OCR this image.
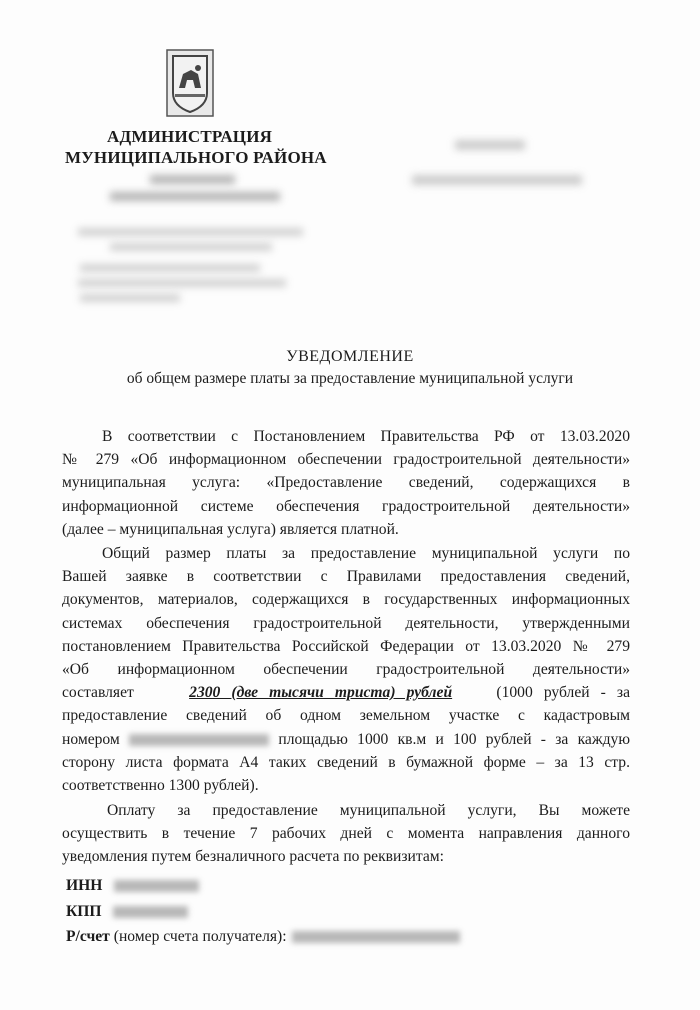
АДМИНИСТРАЦИЯ
МУНИЦИПАЛЬНОГО РАЙОНА
УВЕДОМЛЕНИЕ
об общем размере платы за предоставление муниципальной услуги
В соответствии с Постановлением Правительства РФ от 13.03.2020
№ 279 «Об информационном обеспечении градостроительной деятельности»
муниципальная услуга: «Предоставление сведений, содержащихся в
информационной системе обеспечения градостроительной деятельности»
(далее – муниципальная услуга) является платной.
Общий размер платы за предоставление муниципальной услуги по
Вашей заявке в соответствии с Правилами предоставления сведений,
документов, материалов, содержащихся в государственных информационных
системах обеспечения градостроительной деятельности, утвержденными
постановлением Правительства Российской Федерации от 13.03.2020 № 279
«Об информационном обеспечении градостроительной деятельности»
составляет	2300 (две тысячи триста) рублей	(1000 рублей - за
предоставление сведений об одном земельном участке с кадастровым
номером	площадью 1000 кв.м и 100 рублей - за каждую
сторону листа формата А4 таких сведений в бумажной форме – за 13 стр.
соответственно 1300 рублей).
Оплату за предоставление муниципальной услуги, Вы можете
осуществить в течение 7 рабочих дней с момента направления данного
уведомления путем безналичного расчета по реквизитам:
ИНН
КПП
Р/счет (номер счета получателя):
